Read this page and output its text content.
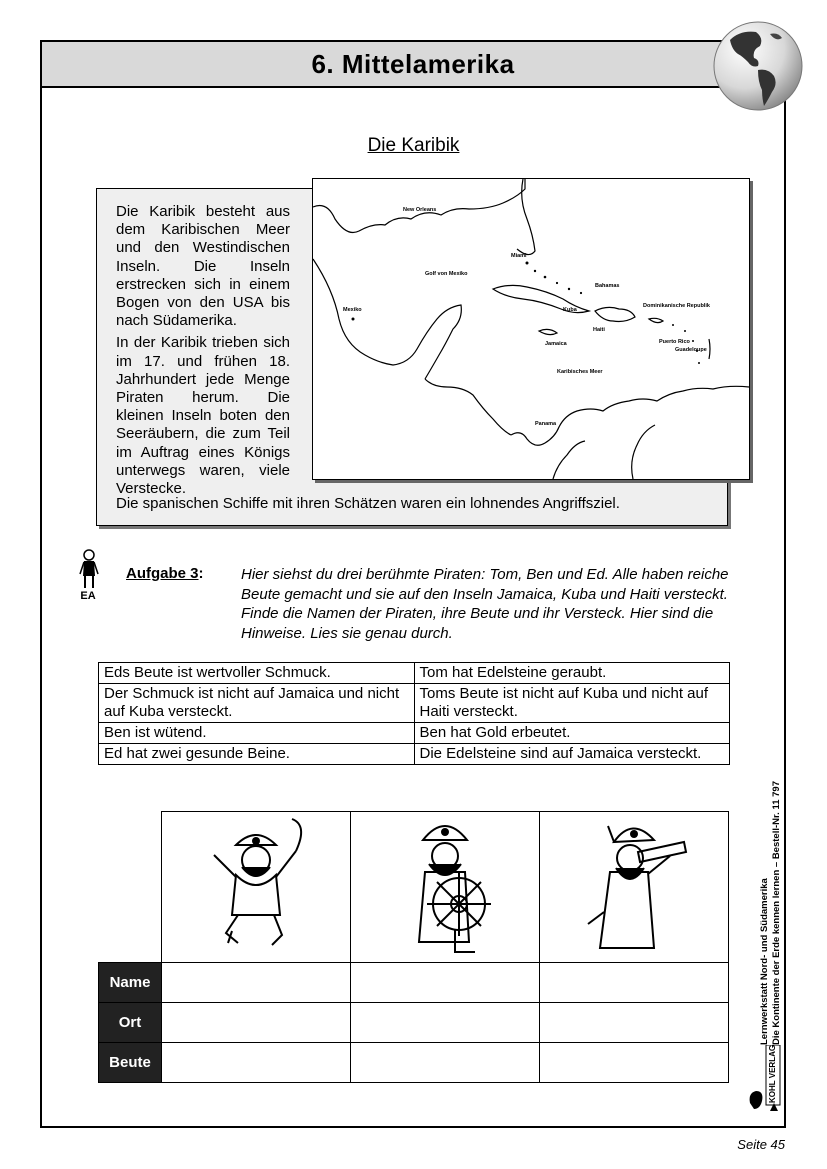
6. Mittelamerika
Die Karibik

Die Karibik besteht aus dem Karibischen Meer und den Westindischen Inseln. Die Inseln erstrecken sich in einem Bogen von den USA bis nach Südamerika.

In der Karibik trieben sich im 17. und frühen 18. Jahrhundert jede Menge Piraten herum. Die kleinen Inseln boten den Seeräubern, die zum Teil im Auftrag eines Königs unterwegs waren, viele Verstecke.

Die spanischen Schiffe mit ihren Schätzen waren ein lohnendes Angriffsziel.
New Orleans
Miami
Golf von Mexiko
Bahamas
Mexiko	Kuba
Dominikanische Republik
Haiti
Jamaica	Puerto Rico
Guadeloupe
Karibisches Meer
Panama
EA
Aufgabe 3: Hier siehst du drei berühmte Piraten: Tom, Ben und Ed. Alle haben reiche Beute gemacht und sie auf den Inseln Jamaica, Kuba und Haiti versteckt. Finde die Namen der Piraten, ihre Beute und ihr Versteck. Hier sind die Hinweise. Lies sie genau durch.
Eds Beute ist wertvoller Schmuck.	Tom hat Edelsteine geraubt.
Der Schmuck ist nicht auf Jamaica und nicht auf Kuba versteckt.	Toms Beute ist nicht auf Kuba und nicht auf Haiti versteckt.
Ben ist wütend.	Ben hat Gold erbeutet.
Ed hat zwei gesunde Beine.	Die Edelsteine sind auf Jamaica versteckt.
Name
Ort
Beute
Lernwerkstatt Nord- und Südamerika Die Kontinente der Erde kennen lernen – Bestell-Nr. 11 797
KOHL VERLAG
Seite 45
